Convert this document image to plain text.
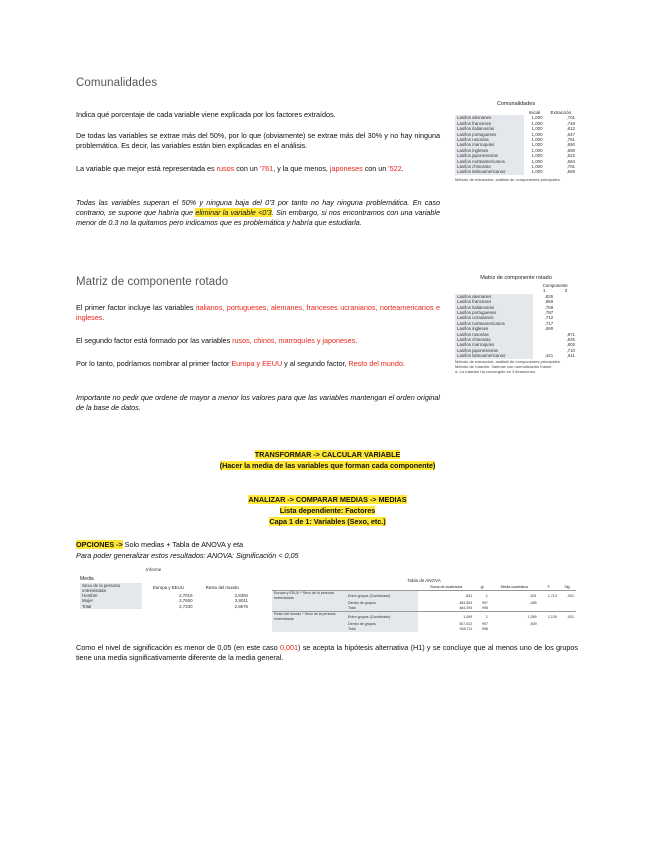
Comunalidades

Indica qué porcentaje de cada variable viene explicada por los factores extraídos.

De todas las variables se extrae más del 50%, por lo que (obviamente) se extrae más del 30% y no hay ninguna problemática. Es decir, las variables están bien explicadas en el análisis.

La variable que mejor está representada es rusos con un '761, y la que menos, japoneses con un '522.

Todas las variables superan el 50% y ninguna baja del 0'3 por tanto no hay ninguna problemática. En caso contrario, se supone que habría que eliminar la variable <0'3. Sin embargo, si nos encontramos con una variable menor de 0.3 no la quitamos pero indicamos que es problemática y habría que estudiarla.

Comunalidades
	Inicial	Extracción
Las/los alemanes	1,000	,701
Las/los franceses	1,000	,748
Las/los italianos/as	1,000	,612
Las/los portugueses	1,000	,647
Las/los rusos/as	1,000	,761
Las/los marroquíes	1,000	,650
Las/los ingleses	1,000	,598
Las/los japoneses/as	1,000	,522
Las/los norteamericanos	1,000	,684
Las/los chinos/as	1,000	,701
Las/los latinoamericanos	1,000	,659
Método de extracción: análisis de componentes principales.
Matriz de componente rotado

El primer factor incluye las variables italianos, portugueses, alemanes, franceses ucranianos, norteamericanos e ingleses.

El segundo factor está formado por las variables rusos, chinos, marroquíes y japoneses.

Por lo tanto, podríamos nombrar al primer factor Europa y EEUU y al segundo factor, Resto del mundo.

Importante no pedir que ordene de mayor a menor los valores para que las variables mantengan el orden original de la base de datos.

Matriz de componente rotado
	Componente	
	1	2
Las/los alemanes	,835	
Las/los franceses	,859	
Las/los italianos/as	,768	
Las/los portugueses	,797	
Las/los ucranianos	,712	
Las/los norteamericanos	,717	
Las/los ingleses	,690	
Las/los rusos/as		,871
Las/los chinos/as		,825
Las/los marroquíes		,802
Las/los japoneses/as		,710
Las/los latinoamericanos	,421	,611
Método de extracción: análisis de componentes principales.
Método de rotación: Varimax con normalización Kaiser.
a. La rotación ha convergido en 3 iteraciones.
TRANSFORMAR -> CALCULAR VARIABLE
(Hacer la media de las variables que forman cada componente)
ANALIZAR -> COMPARAR MEDIAS -> MEDIAS
Lista dependiente: Factores
Capa 1 de 1: Variables (Sexo, etc.)

OPCIONES -> Solo medias + Tabla de ANOVA y eta

Para poder generalizar estos resultados: ANOVA: Significación < 0,05

Informe
Media
Sexo de la persona
entrevistada	Europa y EEUU	Resto del mundo
Hombre	2,7016	2,8350
Mujer	2,7650	2,9011
Total	2,7330	2,8676
Tabla de ANOVA
		Suma de cuadrados	gl	Media cuadrática	F	Sig.
Europa y EEUU * Sexo de la persona entrevistada	Entre grupos (Combinado)	,831	1	,831	1,713	,001
	Dentro de grupos	483,563	997	,485		
	Total	484,394	998			
Resto del mundo * Sexo de la persona entrevistada	Entre grupos (Combinado)	1,089	1	1,089	2,139	,001
	Dentro de grupos	507,622	997	,509		
	Total	508,711	998			

Como el nivel de significación es menor de 0,05 (en este caso 0,001) se acepta la hipótesis alternativa (H1) y se concluye que al menos uno de los grupos tiene una media significativamente diferente de la media general.
